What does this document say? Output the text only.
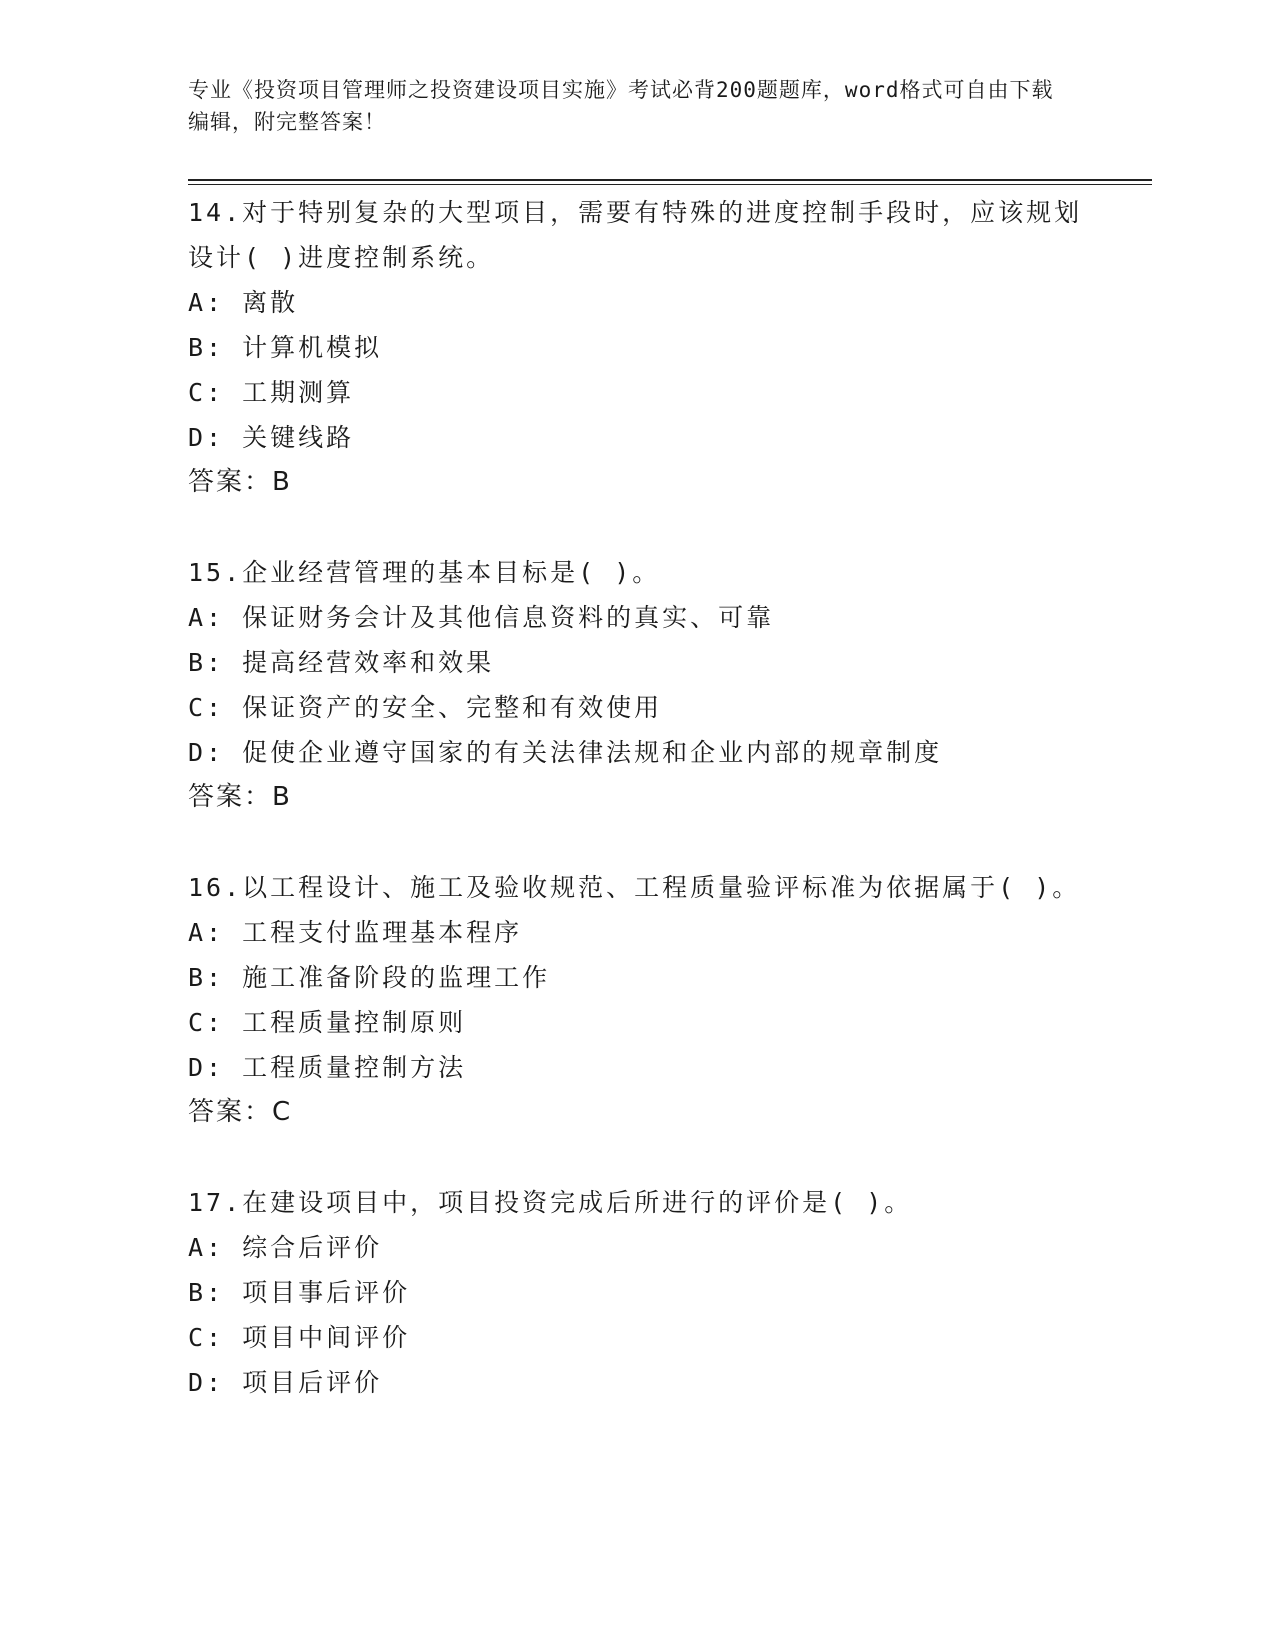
专业《投资项目管理师之投资建设项目实施》考试必背200题题库，word格式可自由下载编辑，附完整答案！

14.对于特别复杂的大型项目，需要有特殊的进度控制手段时，应该规划设计( )进度控制系统。

A: 离散

B: 计算机模拟

C: 工期测算

D: 关键线路

答案：B

15.企业经营管理的基本目标是( )。

A: 保证财务会计及其他信息资料的真实、可靠

B: 提高经营效率和效果

C: 保证资产的安全、完整和有效使用

D: 促使企业遵守国家的有关法律法规和企业内部的规章制度

答案：B

16.以工程设计、施工及验收规范、工程质量验评标准为依据属于( )。

A: 工程支付监理基本程序

B: 施工准备阶段的监理工作

C: 工程质量控制原则

D: 工程质量控制方法

答案：C

17.在建设项目中，项目投资完成后所进行的评价是( )。

A: 综合后评价

B: 项目事后评价

C: 项目中间评价

D: 项目后评价
